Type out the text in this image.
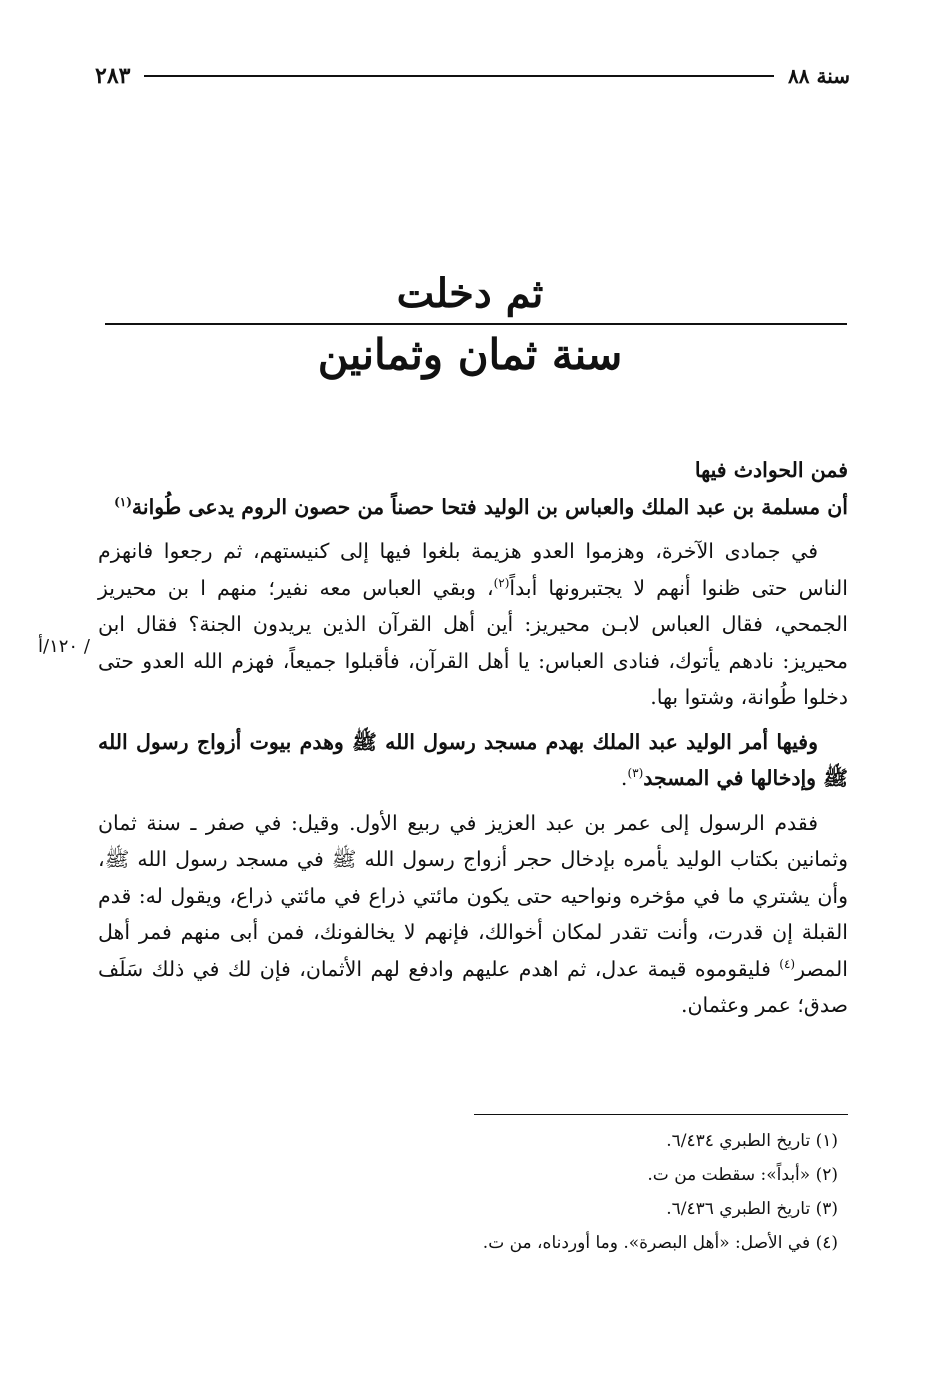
سنة ٨٨
٢٨٣
ثم دخلت
سنة ثمان وثمانين

فمن الحوادث فيها

أن مسلمة بن عبد الملك والعباس بن الوليد فتحا حصناً من حصون الروم يدعى طُوانة$^{(١)}$

في جمادى الآخرة، وهزموا العدو هزيمة بلغوا فيها إلى كنيستهم، ثم رجعوا فانهزم الناس حتى ظنوا أنهم لا يجتبرونها أبداً$^{(٢)}$، وبقي العباس معه نفير؛ منهم ا بن محيريز الجمحي، فقال العباس لابـن محيريز: أين أهل القرآن الذين يريدون الجنة؟ فقال ابن محيريز: نادهم يأتوك، فنادى العباس: يا أهل القرآن، فأقبلوا جميعاً، فهزم الله العدو حتى دخلوا طُوانة، وشتوا بها.

وفيها أمر الوليد عبد الملك بهدم مسجد رسول الله ﷺ وهدم بيوت أزواج رسول الله ﷺ وإدخالها في المسجد$^{(٣)}$.

فقدم الرسول إلى عمر بن عبد العزيز في ربيع الأول. وقيل: في صفر ـ سنة ثمان وثمانين بكتاب الوليد يأمره بإدخال حجر أزواج رسول الله ﷺ في مسجد رسول الله ﷺ، وأن يشتري ما في مؤخره ونواحيه حتى يكون مائتي ذراع في مائتي ذراع، ويقول له: قدم القبلة إن قدرت، وأنت تقدر لمكان أخوالك، فإنهم لا يخالفونك، فمن أبى منهم فمر أهل المصر$^{(٤)}$ فليقوموه قيمة عدل، ثم اهدم عليهم وادفع لهم الأثمان، فإن لك في ذلك سَلَف صدق؛ عمر وعثمان.

/ ١٢٠/أ
(١) تاريخ الطبري ٦/٤٣٤.
(٢) «أبداً»: سقطت من ت.
(٣) تاريخ الطبري ٦/٤٣٦.
(٤) في الأصل: «أهل البصرة». وما أوردناه، من ت.
